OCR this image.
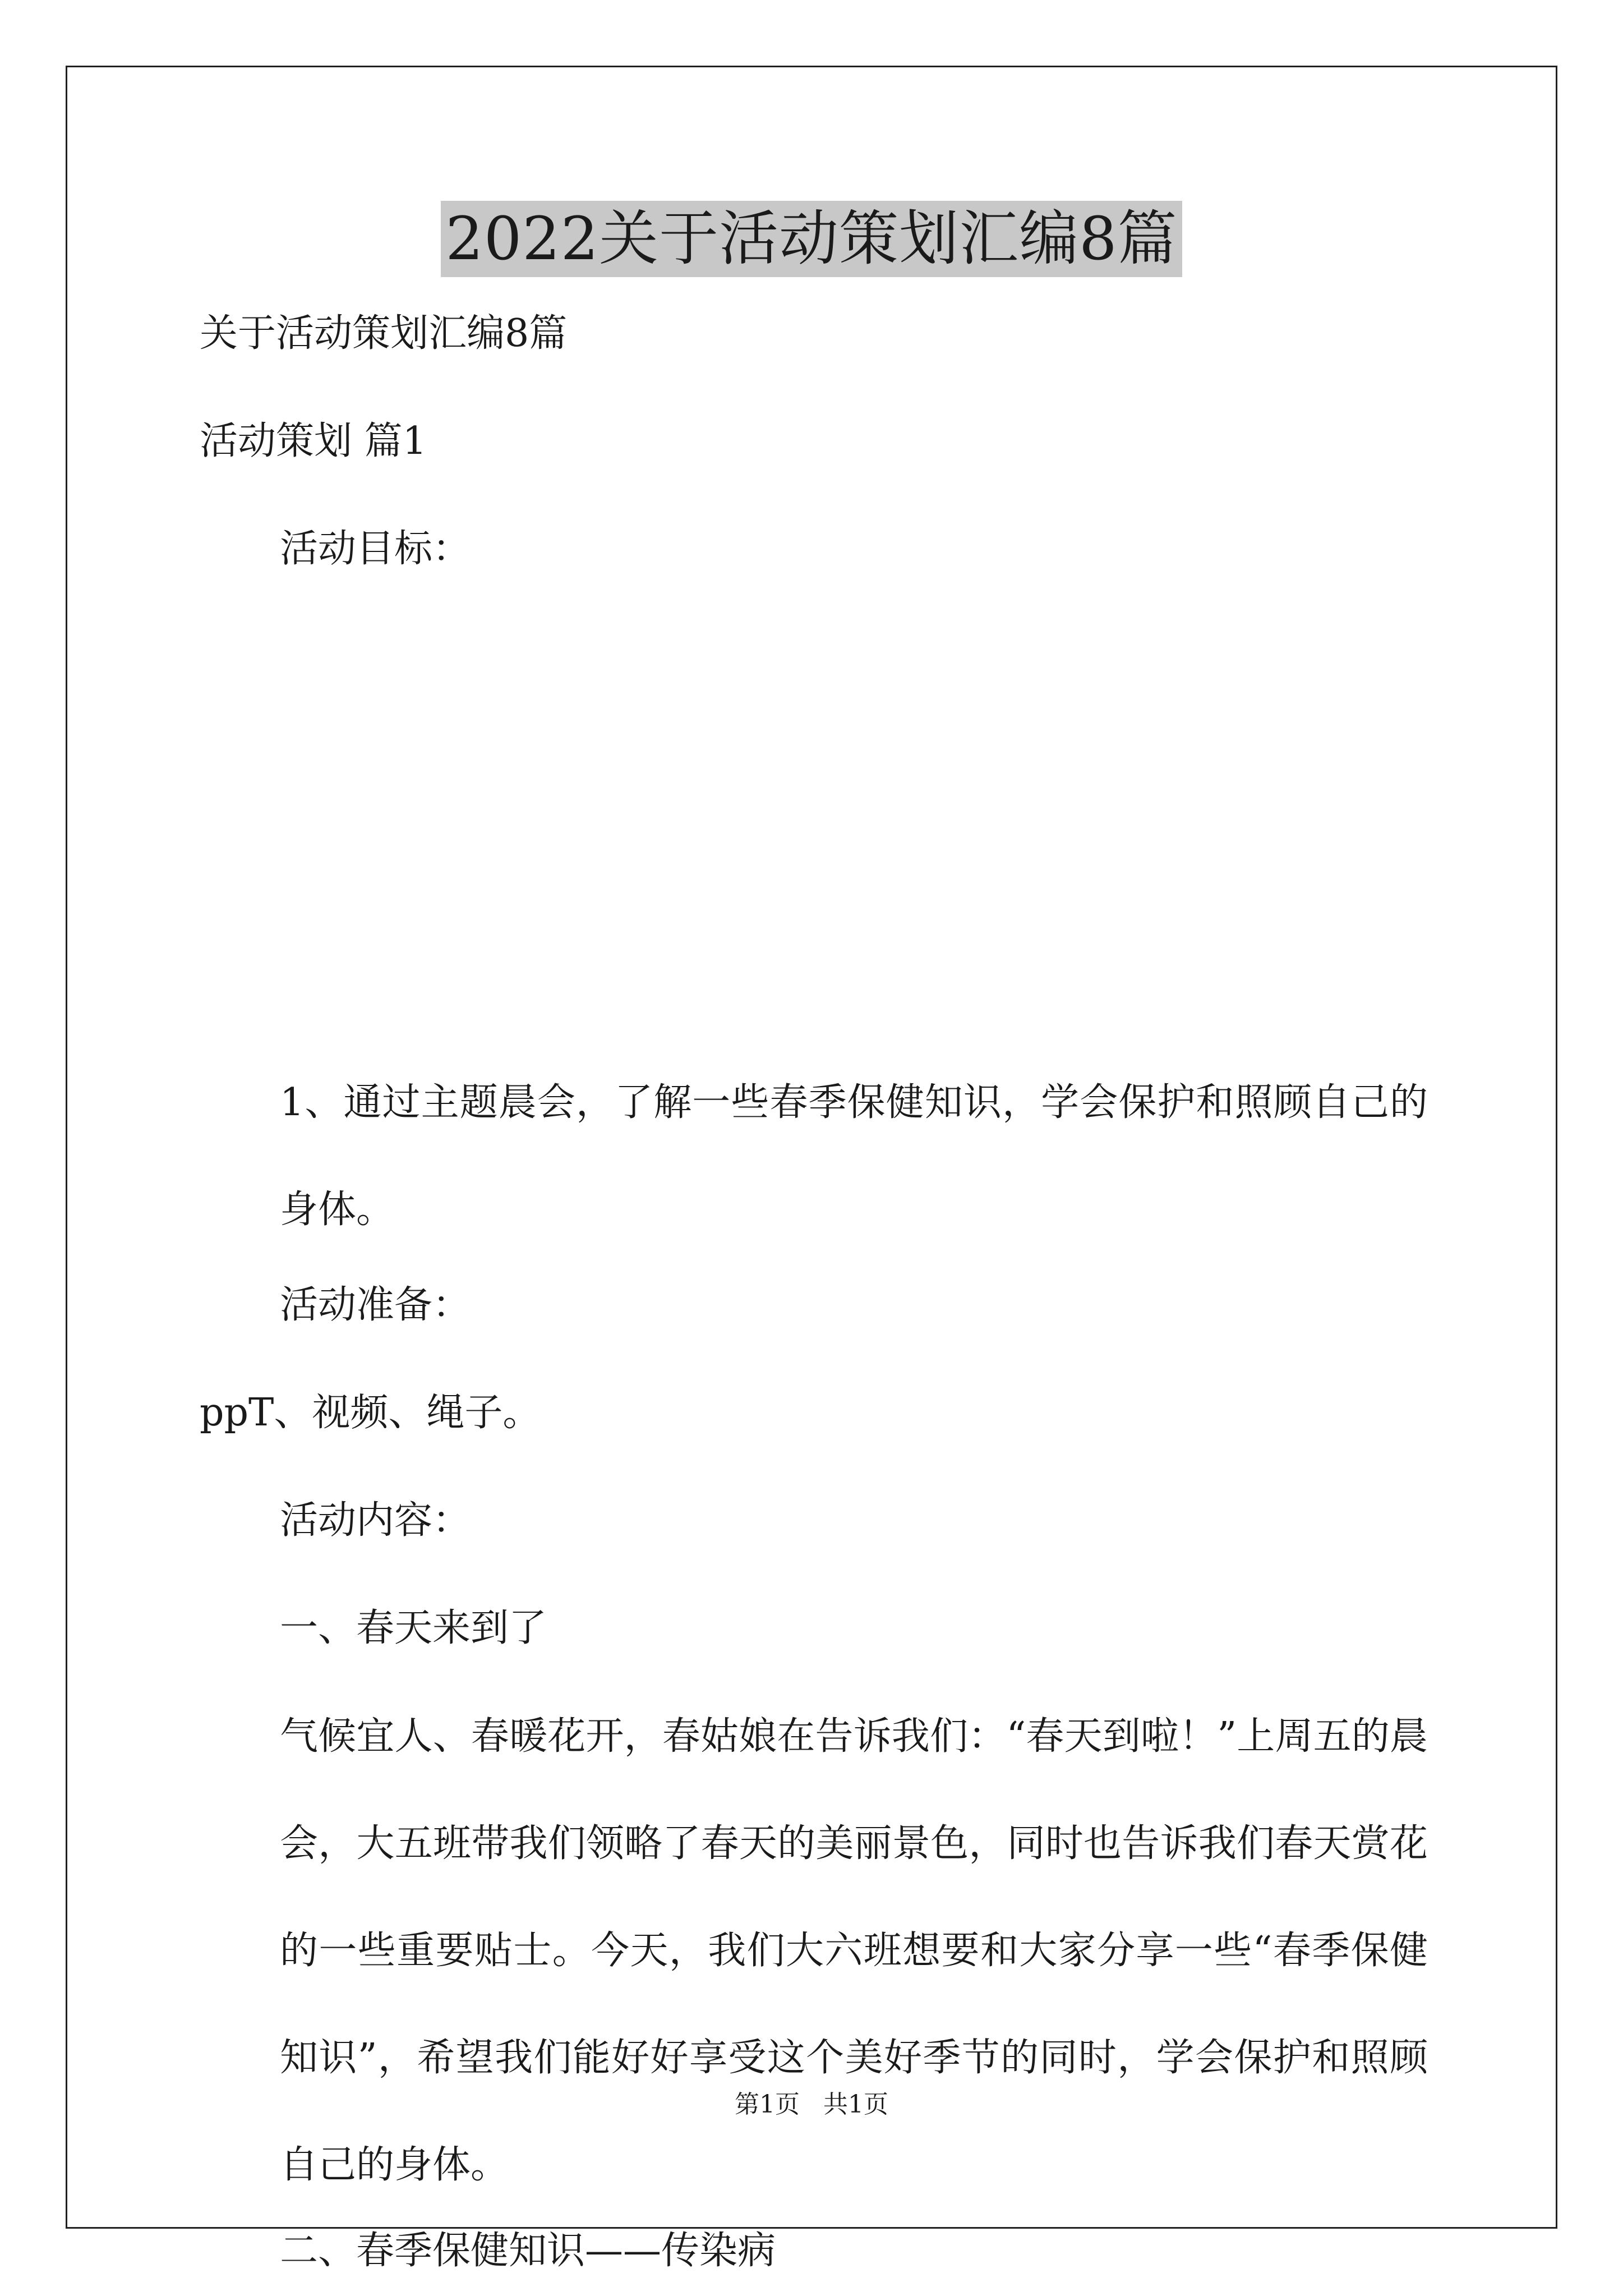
2022关于活动策划汇编8篇

关于活动策划汇编8篇

活动策划 篇1

活动目标：

1、通过主题晨会，了解一些春季保健知识，学会保护和照顾自己的身体。

活动准备：

ppT、视频、绳子。

活动内容：

一、春天来到了

气候宜人、春暖花开，春姑娘在告诉我们：“春天到啦！”上周五的晨会，大五班带我们领略了春天的美丽景色，同时也告诉我们春天赏花的一些重要贴士。今天，我们大六班想要和大家分享一些“春季保健知识”，希望我们能好好享受这个美好季节的同时，学会保护和照顾自己的身体。

二、春季保健知识——传染病

第1页   共1页
